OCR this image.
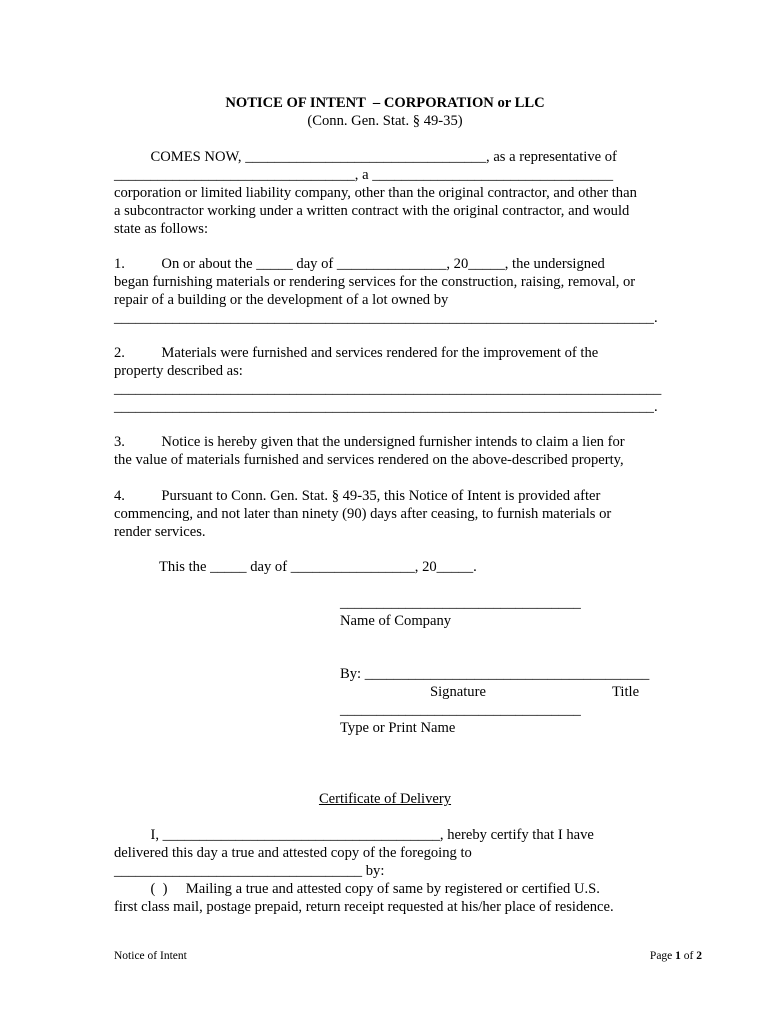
NOTICE OF INTENT  – CORPORATION or LLC
(Conn. Gen. Stat. § 49-35)
COMES NOW, _________________________________, as a representative of
_________________________________, a _________________________________
corporation or limited liability company, other than the original contractor, and other than
a subcontractor working under a written contract with the original contractor, and would
state as follows:
1.          On or about the _____ day of _______________, 20_____, the undersigned
began furnishing materials or rendering services for the construction, raising, removal, or
repair of a building or the development of a lot owned by
__________________________________________________________________________.
2.          Materials were furnished and services rendered for the improvement of the
property described as:
___________________________________________________________________________
__________________________________________________________________________.
3.          Notice is hereby given that the undersigned furnisher intends to claim a lien for
the value of materials furnished and services rendered on the above-described property,
4.          Pursuant to Conn. Gen. Stat. § 49-35, this Notice of Intent is provided after
commencing, and not later than ninety (90) days after ceasing, to furnish materials or
render services.
This the _____ day of _________________, 20_____.
_________________________________
Name of Company
By: _______________________________________
Signature	Title
_________________________________
Type or Print Name
Certificate of Delivery
I, ______________________________________, hereby certify that I have
delivered this day a true and attested copy of the foregoing to
__________________________________ by:
(  )     Mailing a true and attested copy of same by registered or certified U.S.
first class mail, postage prepaid, return receipt requested at his/her place of residence.
Notice of Intent	Page 1 of 2
